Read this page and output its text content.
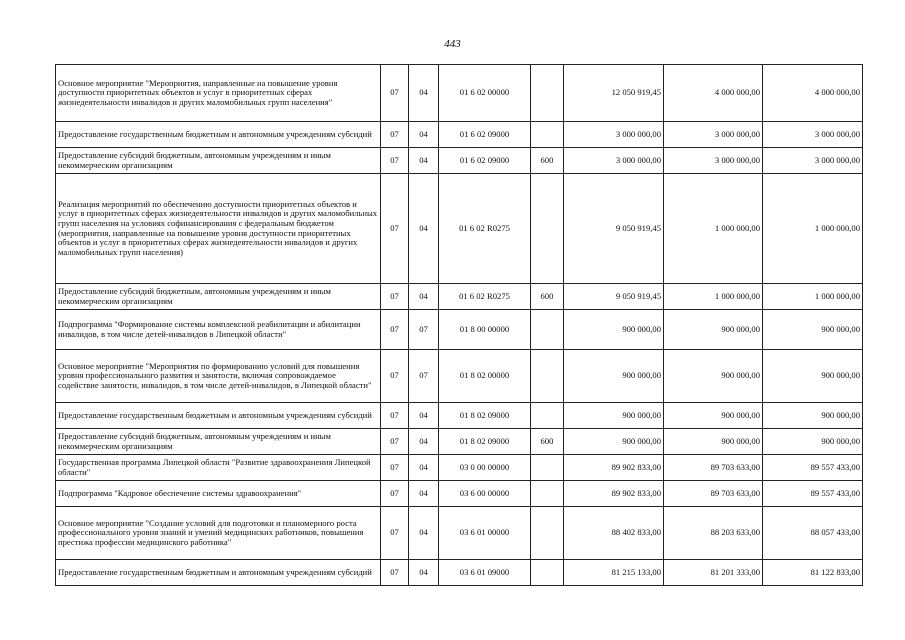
443
Основное мероприятие "Мероприятия, направленные на повышение уровня доступности приоритетных объектов и услуг в приоритетных сферах жизнедеятельности инвалидов и других маломобильных групп населения"	07	04	01 6 02 00000		12 050 919,45	4 000 000,00	4 000 000,00
Предоставление государственным бюджетным и автономным учреждениям субсидий	07	04	01 6 02 09000		3 000 000,00	3 000 000,00	3 000 000,00
Предоставление субсидий бюджетным, автономным учреждениям и иным некоммерческим организациям	07	04	01 6 02 09000	600	3 000 000,00	3 000 000,00	3 000 000,00
Реализация мероприятий по обеспечению доступности приоритетных объектов и услуг в приоритетных сферах жизнедеятельности инвалидов и других маломобильных групп населения на условиях софинансирования с федеральным бюджетом (мероприятия, направленные на повышение уровня доступности приоритетных объектов и услуг в приоритетных сферах жизнедеятельности инвалидов и других маломобильных групп населения)	07	04	01 6 02 R0275		9 050 919,45	1 000 000,00	1 000 000,00
Предоставление субсидий бюджетным, автономным учреждениям и иным некоммерческим организациям	07	04	01 6 02 R0275	600	9 050 919,45	1 000 000,00	1 000 000,00
Подпрограмма "Формирование системы комплексной реабилитации и абилитации инвалидов, в том числе детей-инвалидов в Липецкой области"	07	07	01 8 00 00000		900 000,00	900 000,00	900 000,00
Основное мероприятие "Мероприятия по формированию условий для повышения уровня профессионального развития и занятости, включая сопровождаемое содействие занятости, инвалидов, в том числе детей-инвалидов, в Липецкой области"	07	07	01 8 02 00000		900 000,00	900 000,00	900 000,00
Предоставление государственным бюджетным и автономным учреждениям субсидий	07	04	01 8 02 09000		900 000,00	900 000,00	900 000,00
Предоставление субсидий бюджетным, автономным учреждениям и иным некоммерческим организациям	07	04	01 8 02 09000	600	900 000,00	900 000,00	900 000,00
Государственная программа Липецкой области "Развитие здравоохранения Липецкой области"	07	04	03 0 00 00000		89 902 833,00	89 703 633,00	89 557 433,00
Подпрограмма "Кадровое обеспечение системы здравоохранения"	07	04	03 6 00 00000		89 902 833,00	89 703 633,00	89 557 433,00
Основное мероприятие "Создание условий для подготовки и планомерного роста профессионального уровня знаний и умений медицинских работников, повышения престижа профессии медицинского работника"	07	04	03 6 01 00000		88 402 833,00	88 203 633,00	88 057 433,00
Предоставление государственным бюджетным и автономным учреждениям субсидий	07	04	03 6 01 09000		81 215 133,00	81 201 333,00	81 122 833,00
